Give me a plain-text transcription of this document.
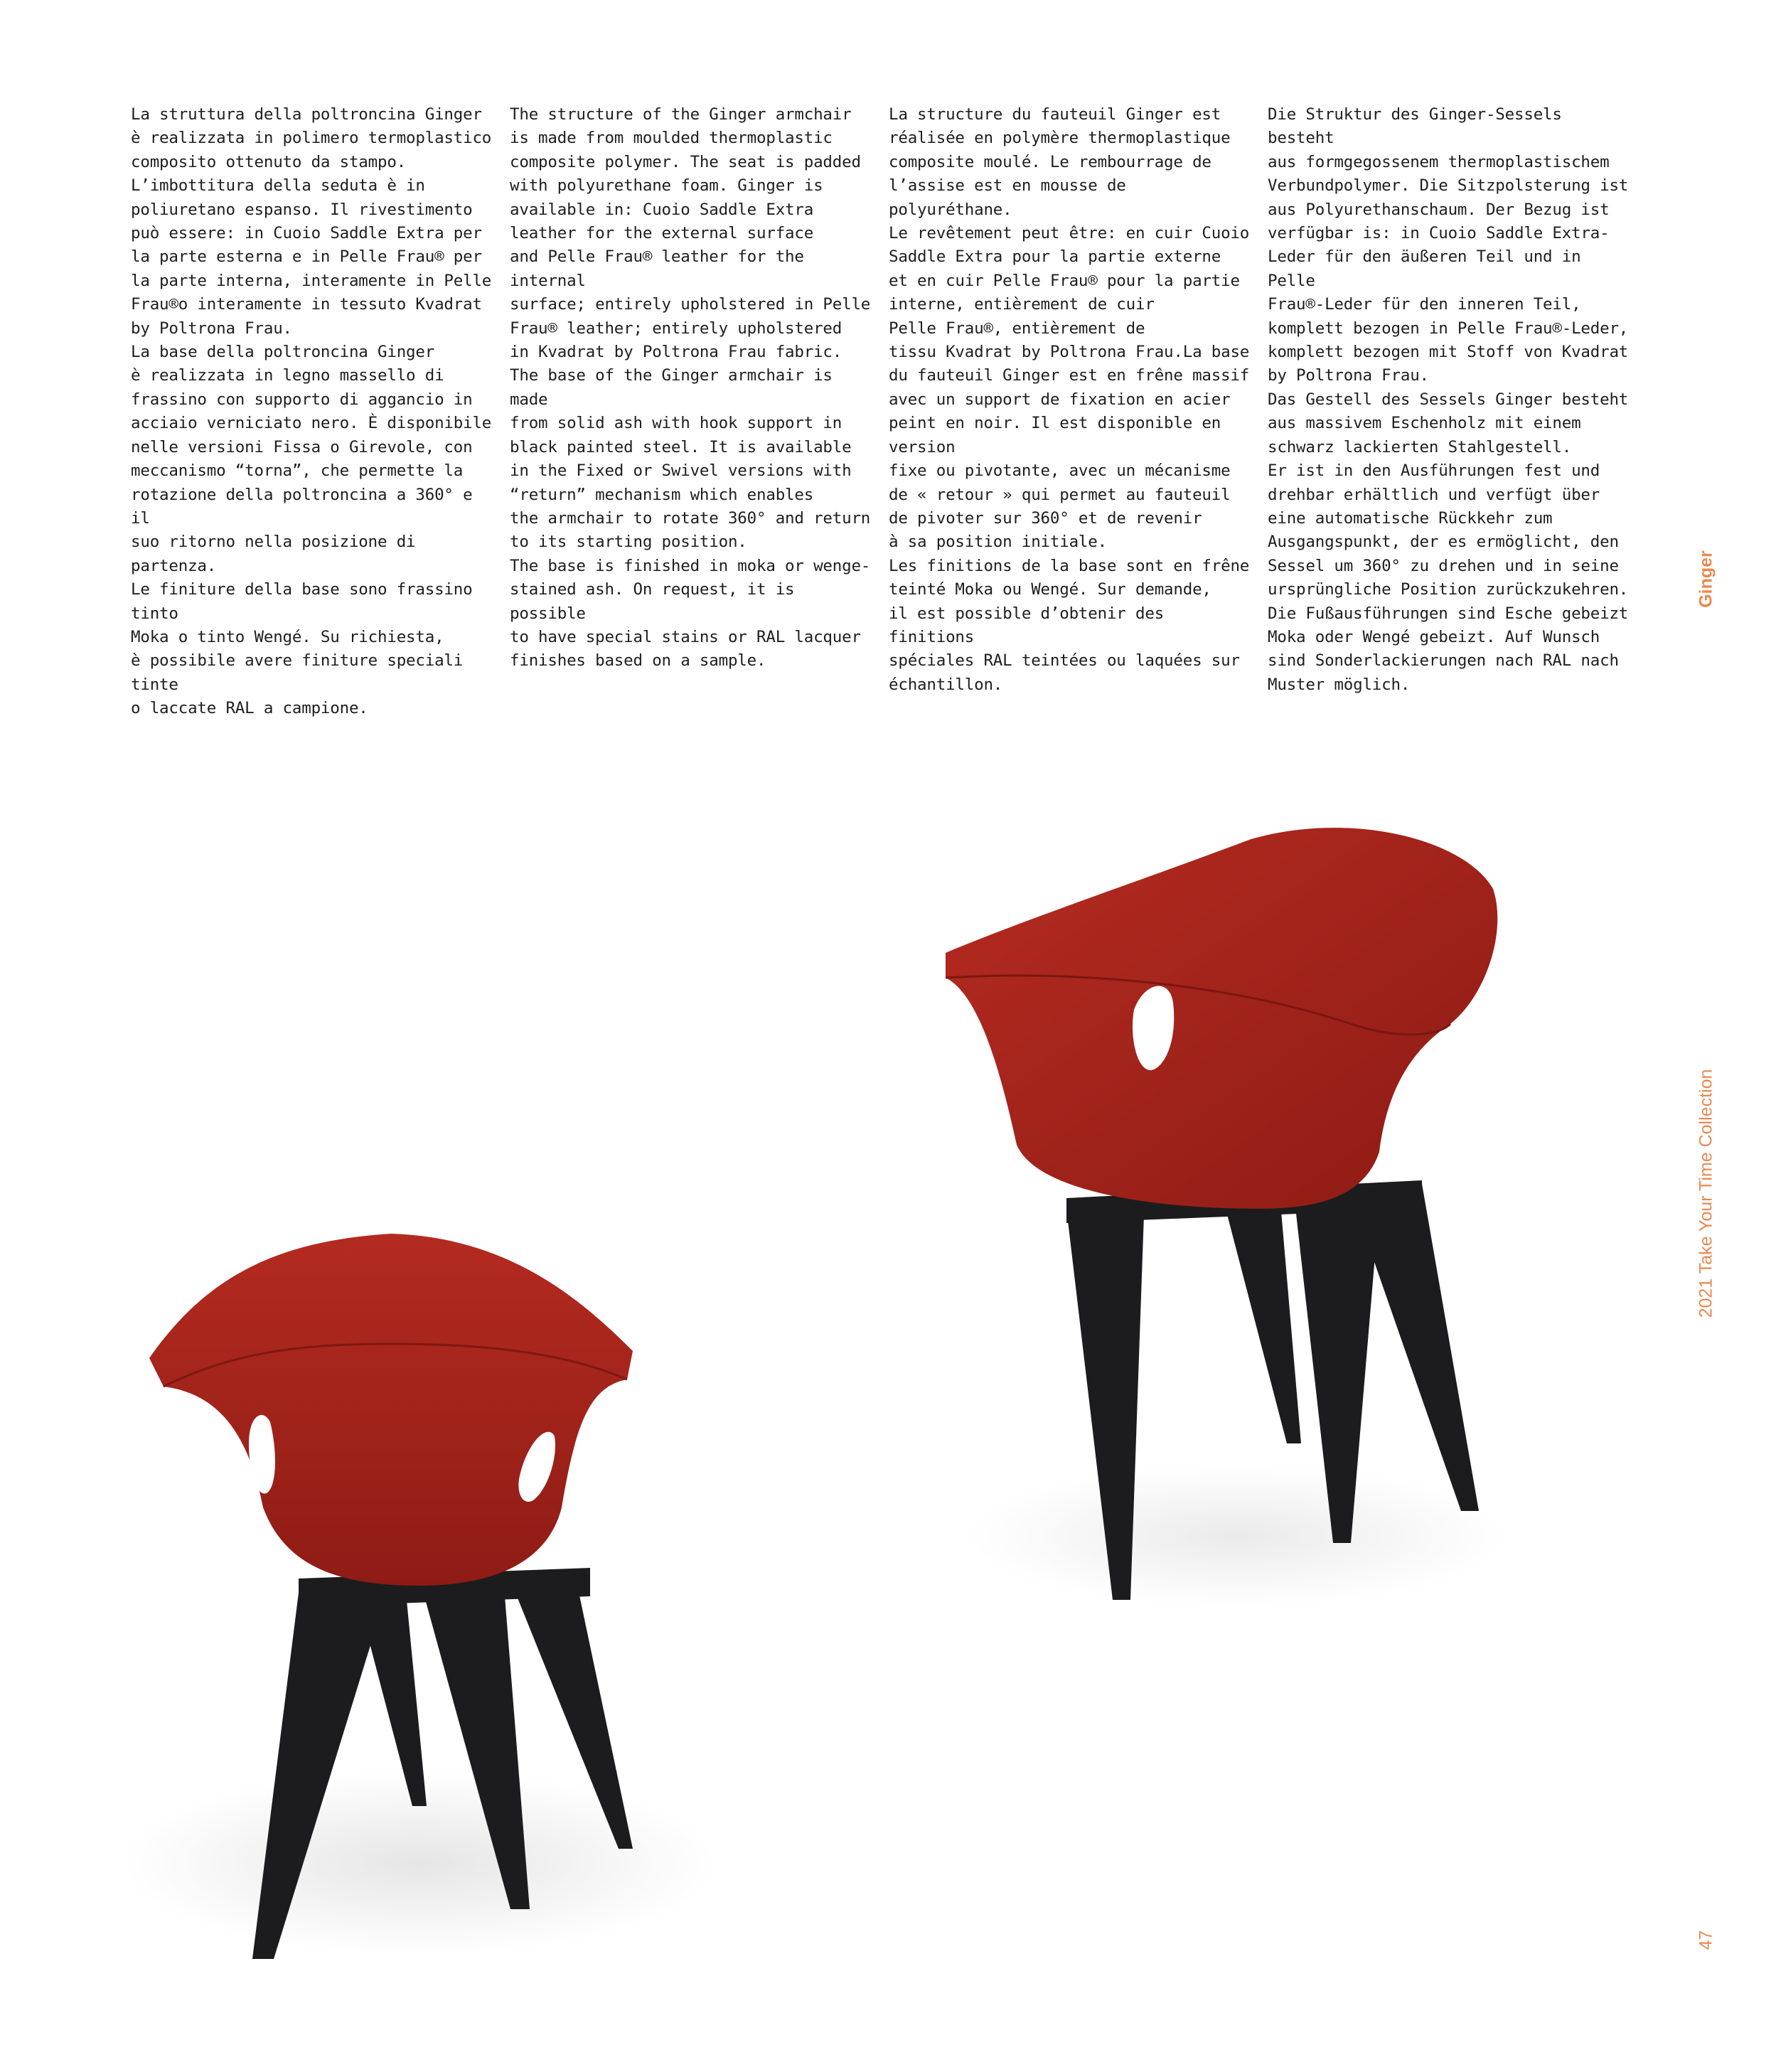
La struttura della poltroncina Ginger
è realizzata in polimero termoplastico
composito ottenuto da stampo.
L’imbottitura della seduta è in
poliuretano espanso. Il rivestimento
può essere: in Cuoio Saddle Extra per
la parte esterna e in Pelle Frau® per
la parte interna, interamente in Pelle
Frau®o interamente in tessuto Kvadrat
by Poltrona Frau.

La base della poltroncina Ginger
è realizzata in legno massello di
frassino con supporto di aggancio in
acciaio verniciato nero. È disponibile
nelle versioni Fissa o Girevole, con
meccanismo “torna”, che permette la
rotazione della poltroncina a 360° e il
suo ritorno nella posizione di partenza.
Le finiture della base sono frassino tinto
Moka o tinto Wengé. Su richiesta,
è possibile avere finiture speciali tinte
o laccate RAL a campione.

The structure of the Ginger armchair
is made from moulded thermoplastic
composite polymer. The seat is padded
with polyurethane foam. Ginger is
available in: Cuoio Saddle Extra
leather for the external surface
and Pelle Frau® leather for the internal
surface; entirely upholstered in Pelle
Frau® leather; entirely upholstered
in Kvadrat by Poltrona Frau fabric.

The base of the Ginger armchair is made
from solid ash with hook support in
black painted steel. It is available
in the Fixed or Swivel versions with
“return” mechanism which enables
the armchair to rotate 360° and return
to its starting position.

The base is finished in moka or wenge-
stained ash. On request, it is possible
to have special stains or RAL lacquer
finishes based on a sample.

La structure du fauteuil Ginger est
réalisée en polymère thermoplastique
composite moulé. Le rembourrage de
l’assise est en mousse de polyuréthane.
Le revêtement peut être: en cuir Cuoio
Saddle Extra pour la partie externe
et en cuir Pelle Frau® pour la partie
interne, entièrement de cuir
Pelle Frau®, entièrement de
tissu Kvadrat by Poltrona Frau.La base
du fauteuil Ginger est en frêne massif
avec un support de fixation en acier
peint en noir. Il est disponible en version
fixe ou pivotante, avec un mécanisme
de « retour » qui permet au fauteuil
de pivoter sur 360° et de revenir
à sa position initiale.

Les finitions de la base sont en frêne
teinté Moka ou Wengé. Sur demande,
il est possible d’obtenir des finitions
spéciales RAL teintées ou laquées sur
échantillon.

Die Struktur des Ginger-Sessels besteht
aus formgegossenem thermoplastischem
Verbundpolymer. Die Sitzpolsterung ist
aus Polyurethanschaum. Der Bezug ist
verfügbar is: in Cuoio Saddle Extra-
Leder für den äußeren Teil und in Pelle
Frau®-Leder für den inneren Teil,
komplett bezogen in Pelle Frau®-Leder,
komplett bezogen mit Stoff von Kvadrat
by Poltrona Frau.

Das Gestell des Sessels Ginger besteht
aus massivem Eschenholz mit einem
schwarz lackierten Stahlgestell.

Er ist in den Ausführungen fest und
drehbar erhältlich und verfügt über
eine automatische Rückkehr zum
Ausgangspunkt, der es ermöglicht, den
Sessel um 360° zu drehen und in seine
ursprüngliche Position zurückzukehren.

Die Fußausführungen sind Esche gebeizt
Moka oder Wengé gebeizt. Auf Wunsch
sind Sonderlackierungen nach RAL nach
Muster möglich.

Ginger
2021 Take Your Time Collection
47
